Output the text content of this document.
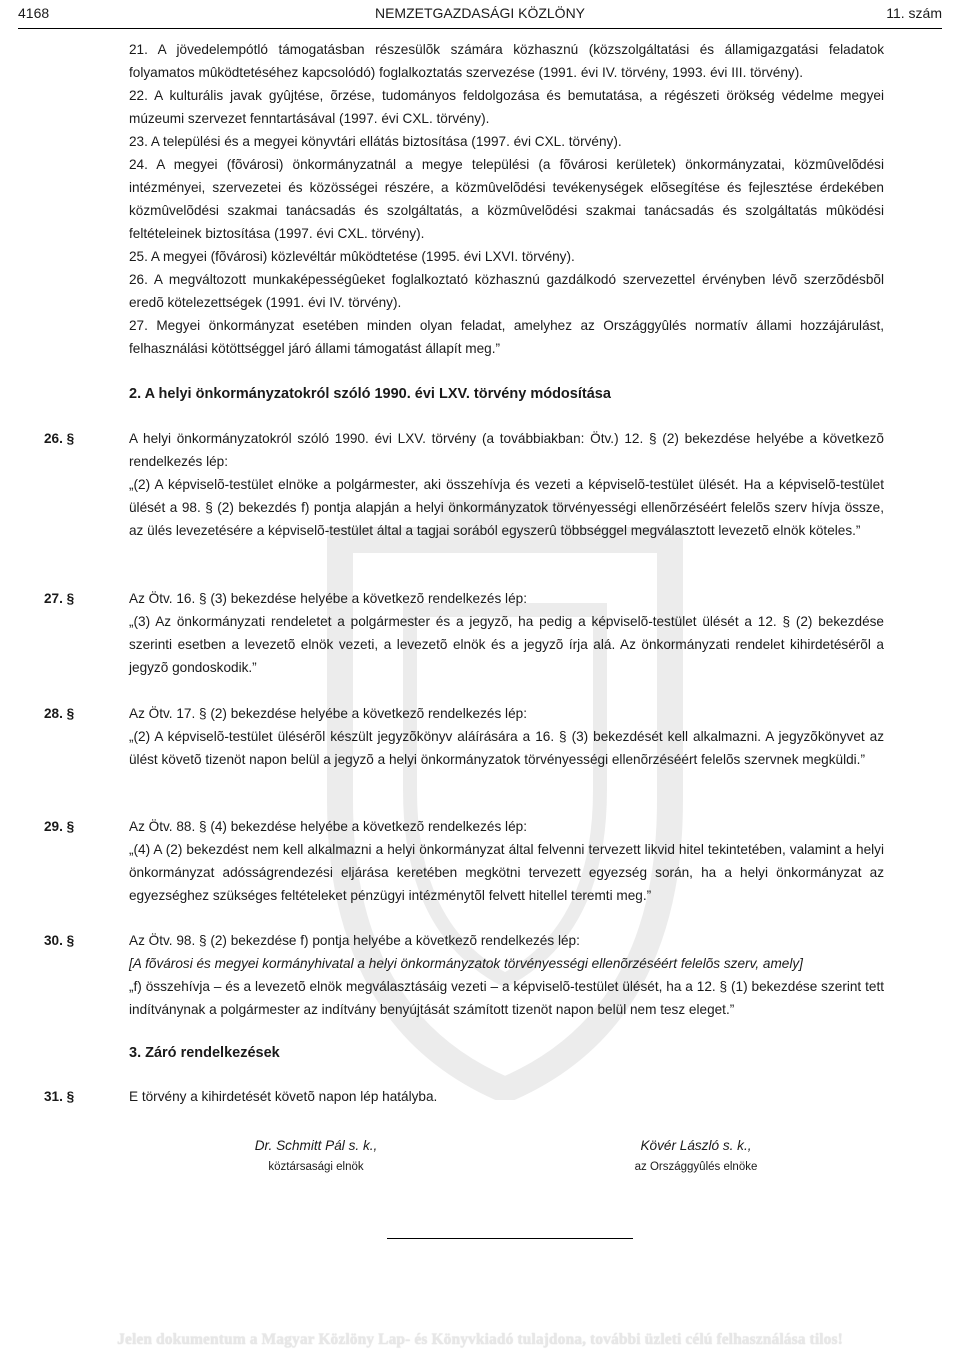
4168	NEMZETGAZDASÁGI KÖZLÖNY	11. szám

21. A jövedelempótló támogatásban részesülõk számára közhasznú (közszolgáltatási és államigazgatási feladatok folyamatos mûködtetéséhez kapcsolódó) foglalkoztatás szervezése (1991. évi IV. törvény, 1993. évi III. törvény).

22. A kulturális javak gyûjtése, õrzése, tudományos feldolgozása és bemutatása, a régészeti örökség védelme megyei múzeumi szervezet fenntartásával (1997. évi CXL. törvény).

23. A települési és a megyei könyvtári ellátás biztosítása (1997. évi CXL. törvény).

24. A megyei (fõvárosi) önkormányzatnál a megye települési (a fõvárosi kerületek) önkormányzatai, közmûvelõdési intézményei, szervezetei és közösségei részére, a közmûvelõdési tevékenységek elõsegítése és fejlesztése érdekében közmûvelõdési szakmai tanácsadás és szolgáltatás, a közmûvelõdési szakmai tanácsadás és szolgáltatás mûködési feltételeinek biztosítása (1997. évi CXL. törvény).

25. A megyei (fõvárosi) közlevéltár mûködtetése (1995. évi LXVI. törvény).

26. A megváltozott munkaképességûeket foglalkoztató közhasznú gazdálkodó szervezettel érvényben lévõ szerzõdésbõl eredõ kötelezettségek (1991. évi IV. törvény).

27. Megyei önkormányzat esetében minden olyan feladat, amelyhez az Országgyûlés normatív állami hozzájárulást, felhasználási kötöttséggel járó állami támogatást állapít meg.”

2. A helyi önkormányzatokról szóló 1990. évi LXV. törvény módosítása
26. §	A helyi önkormányzatokról szóló 1990. évi LXV. törvény (a továbbiakban: Ötv.) 12. § (2) bekezdése helyébe a következõ rendelkezés lép:

„(2) A képviselõ-testület elnöke a polgármester, aki összehívja és vezeti a képviselõ-testület ülését. Ha a képviselõ-testület ülését a 98. § (2) bekezdés f) pontja alapján a helyi önkormányzatok törvényességi ellenõrzéséért felelõs szerv hívja össze, az ülés levezetésére a képviselõ-testület által a tagjai sorából egyszerû többséggel megválasztott levezetõ elnök köteles.”

27. §	Az Ötv. 16. § (3) bekezdése helyébe a következõ rendelkezés lép:

„(3) Az önkormányzati rendeletet a polgármester és a jegyzõ, ha pedig a képviselõ-testület ülését a 12. § (2) bekezdése szerinti esetben a levezetõ elnök vezeti, a levezetõ elnök és a jegyzõ írja alá. Az önkormányzati rendelet kihirdetésérõl a jegyzõ gondoskodik.”

28. §	Az Ötv. 17. § (2) bekezdése helyébe a következõ rendelkezés lép:

„(2) A képviselõ-testület ülésérõl készült jegyzõkönyv aláírására a 16. § (3) bekezdését kell alkalmazni. A jegyzõkönyvet az ülést követõ tizenöt napon belül a jegyzõ a helyi önkormányzatok törvényességi ellenõrzéséért felelõs szervnek megküldi.”

29. §	Az Ötv. 88. § (4) bekezdése helyébe a következõ rendelkezés lép:

„(4) A (2) bekezdést nem kell alkalmazni a helyi önkormányzat által felvenni tervezett likvid hitel tekintetében, valamint a helyi önkormányzat adósságrendezési eljárása keretében megkötni tervezett egyezség során, ha a helyi önkormányzat az egyezséghez szükséges feltételeket pénzügyi intézménytõl felvett hitellel teremti meg.”

30. §	Az Ötv. 98. § (2) bekezdése f) pontja helyébe a következõ rendelkezés lép:

[A fõvárosi és megyei kormányhivatal a helyi önkormányzatok törvényességi ellenõrzéséért felelõs szerv, amely]

„f) összehívja – és a levezetõ elnök megválasztásáig vezeti – a képviselõ-testület ülését, ha a 12. § (1) bekezdése szerint tett indítványnak a polgármester az indítvány benyújtását számított tizenöt napon belül nem tesz eleget.”

3. Záró rendelkezések
31. §	E törvény a kihirdetését követõ napon lép hatályba.

Dr. Schmitt Pál s. k.,
köztársasági elnök
Kövér László s. k.,
az Országgyûlés elnöke
Jelen dokumentum a Magyar Közlöny Lap- és Könyvkiadó tulajdona, további üzleti célú felhasználása tilos!
